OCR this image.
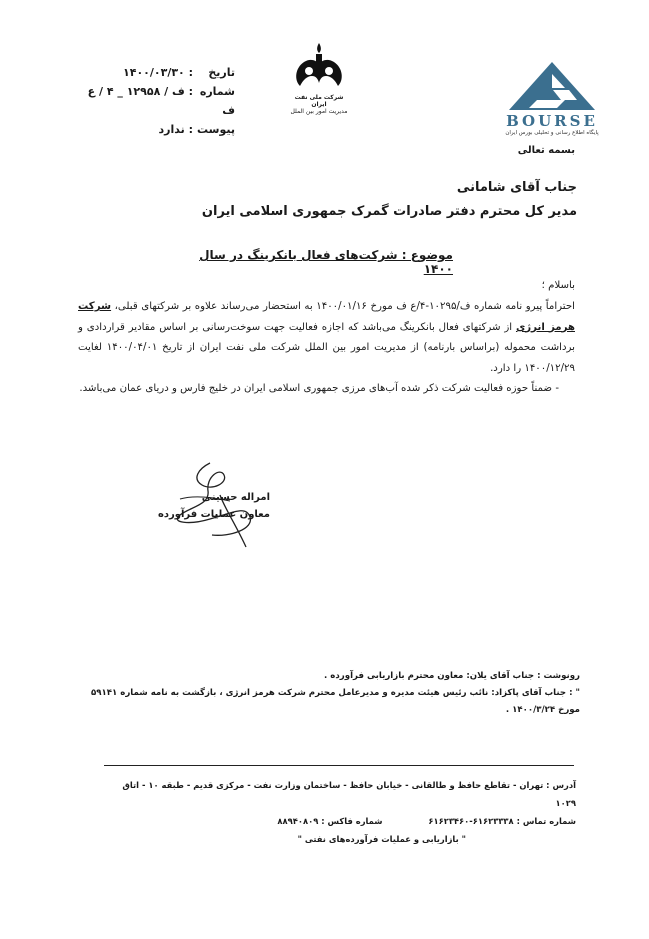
تاریخ: ۱۴۰۰/۰۳/۳۰
شماره: ف / ۱۲۹۵۸ _ ۴ / ع ف
پیوست: ندارد
شرکت ملی نفت ایران
مدیریت امور بین الملل
BOURSE
پایگاه اطلاع رسانی و تحلیلی بورس ایران
بسمه تعالی
جناب آقای شامانی
مدیر کل محترم دفتر صادرات گمرک جمهوری اسلامی ایران
موضوع : شرکت‌های فعال بانکرینگ در سال ۱۴۰۰
باسلام ؛
احتراماً پیرو نامه شماره ف/۱۰۲۹۵-۴/ع ف مورخ ۱۴۰۰/۰۱/۱۶ به استحضار می‌رساند علاوه بر شرکتهای قبلی، شرکت هرمز انرژی از شرکتهای فعال بانکرینگ می‌باشد که اجازه فعالیت جهت سوخت‌رسانی بر اساس مقادیر قراردادی و برداشت محموله (براساس بارنامه) از مدیریت امور بین الملل شرکت ملی نفت ایران از تاریخ ۱۴۰۰/۰۴/۰۱ لغایت ۱۴۰۰/۱۲/۲۹ را دارد.
- ضمناً حوزه فعالیت شرکت ذکر شده آب‌های مرزی جمهوری اسلامی ایران در خلیج فارس و دریای عمان می‌باشد.
امراله حسینی
معاون عملیات فرآورده
رونوشت : جناب آقای یلان: معاون محترم بازاریابی فرآورده .
" : جناب آقای پاکزاد: نائب رئیس هیئت مدیره و مدیرعامل محترم شرکت هرمز انرژی ، بازگشت به نامه شماره ۵۹۱۴۱
مورخ ۱۴۰۰/۳/۲۴ .
آدرس : تهران - تقاطع حافظ و طالقانی - خیابان حافظ - ساختمان وزارت نفت - مرکزی قدیم - طبقه ۱۰ - اتاق ۱۰۲۹
شماره تماس : ۶۱۶۲۳۳۳۸-۶۱۶۲۳۴۶۰  شماره فاکس : ۸۸۹۴۰۸۰۹
" بازاریابی و عملیات فرآورده‌های نفتی "
